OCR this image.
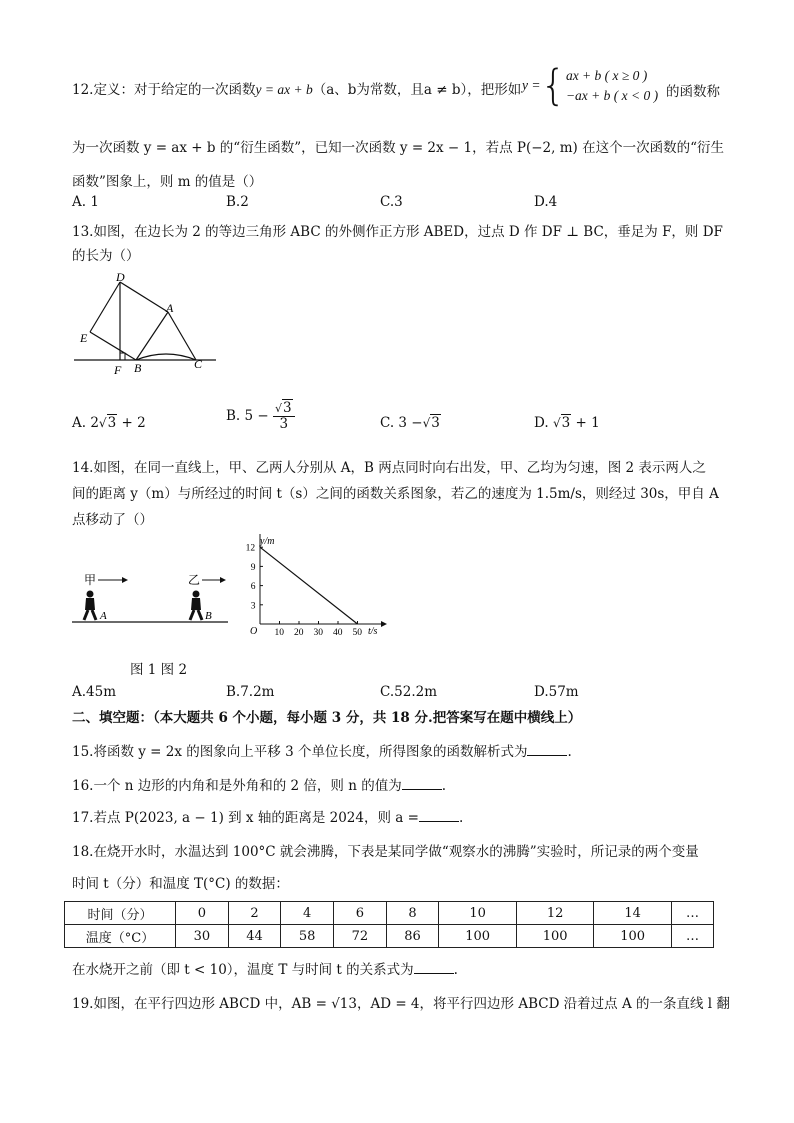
12.定义：对于给定的一次函数y = ax + b（a、b为常数，且a ≠ b），把形如 y ={ ax + b ( x ≥ 0 )
−ax + b ( x < 0 ) 的函数称
为一次函数 y = ax + b 的“衍生函数”，已知一次函数 y = 2x − 1，若点 P(−2, m) 在这个一次函数的“衍生
函数”图象上，则 m 的值是（）
A. 1	B.2	C.3	D.4
13.如图，在边长为 2 的等边三角形 ABC 的外侧作正方形 ABED，过点 D 作 DF ⊥ BC，垂足为 F，则 DF
的长为（）
D
A
E
F B	C
A. 2√3 + 2	B. $5 - \frac{√3}{3}$	C. 3 −√3	D. √3 + 1
14.如图，在同一直线上，甲、乙两人分别从 A，B 两点同时向右出发，甲、乙均为匀速，图 2 表示两人之
间的距离 y（m）与所经过的时间 t（s）之间的函数关系图象，若乙的速度为 1.5m/s，则经过 30s，甲自 A
点移动了（）
甲	乙
A	B
10 20 30 40 50
3
6
9
12
y/m
t/s
O
图 1 图 2
A.45m	B.7.2m	C.52.2m	D.57m
二、填空题：（本大题共 6 个小题，每小题 3 分，共 18 分.把答案写在题中横线上）
15.将函数 y = 2x 的图象向上平移 3 个单位长度，所得图象的函数解析式为	.
16.一个 n 边形的内角和是外角和的 2 倍，则 n 的值为	.
17.若点 P(2023, a − 1) 到 x 轴的距离是 2024，则 a =	.
18.在烧开水时，水温达到 100°C 就会沸腾，下表是某同学做“观察水的沸腾”实验时，所记录的两个变量
时间 t（分）和温度 T(°C) 的数据：
时间（分）	0	2	4	6	8	10	12	14	…
温度（°C）	30	44	58	72	86	100	100	100	…
在水烧开之前（即 t < 10），温度 T 与时间 t 的关系式为	.
19.如图，在平行四边形 ABCD 中，AB = √13，AD = 4，将平行四边形 ABCD 沿着过点 A 的一条直线 l 翻
